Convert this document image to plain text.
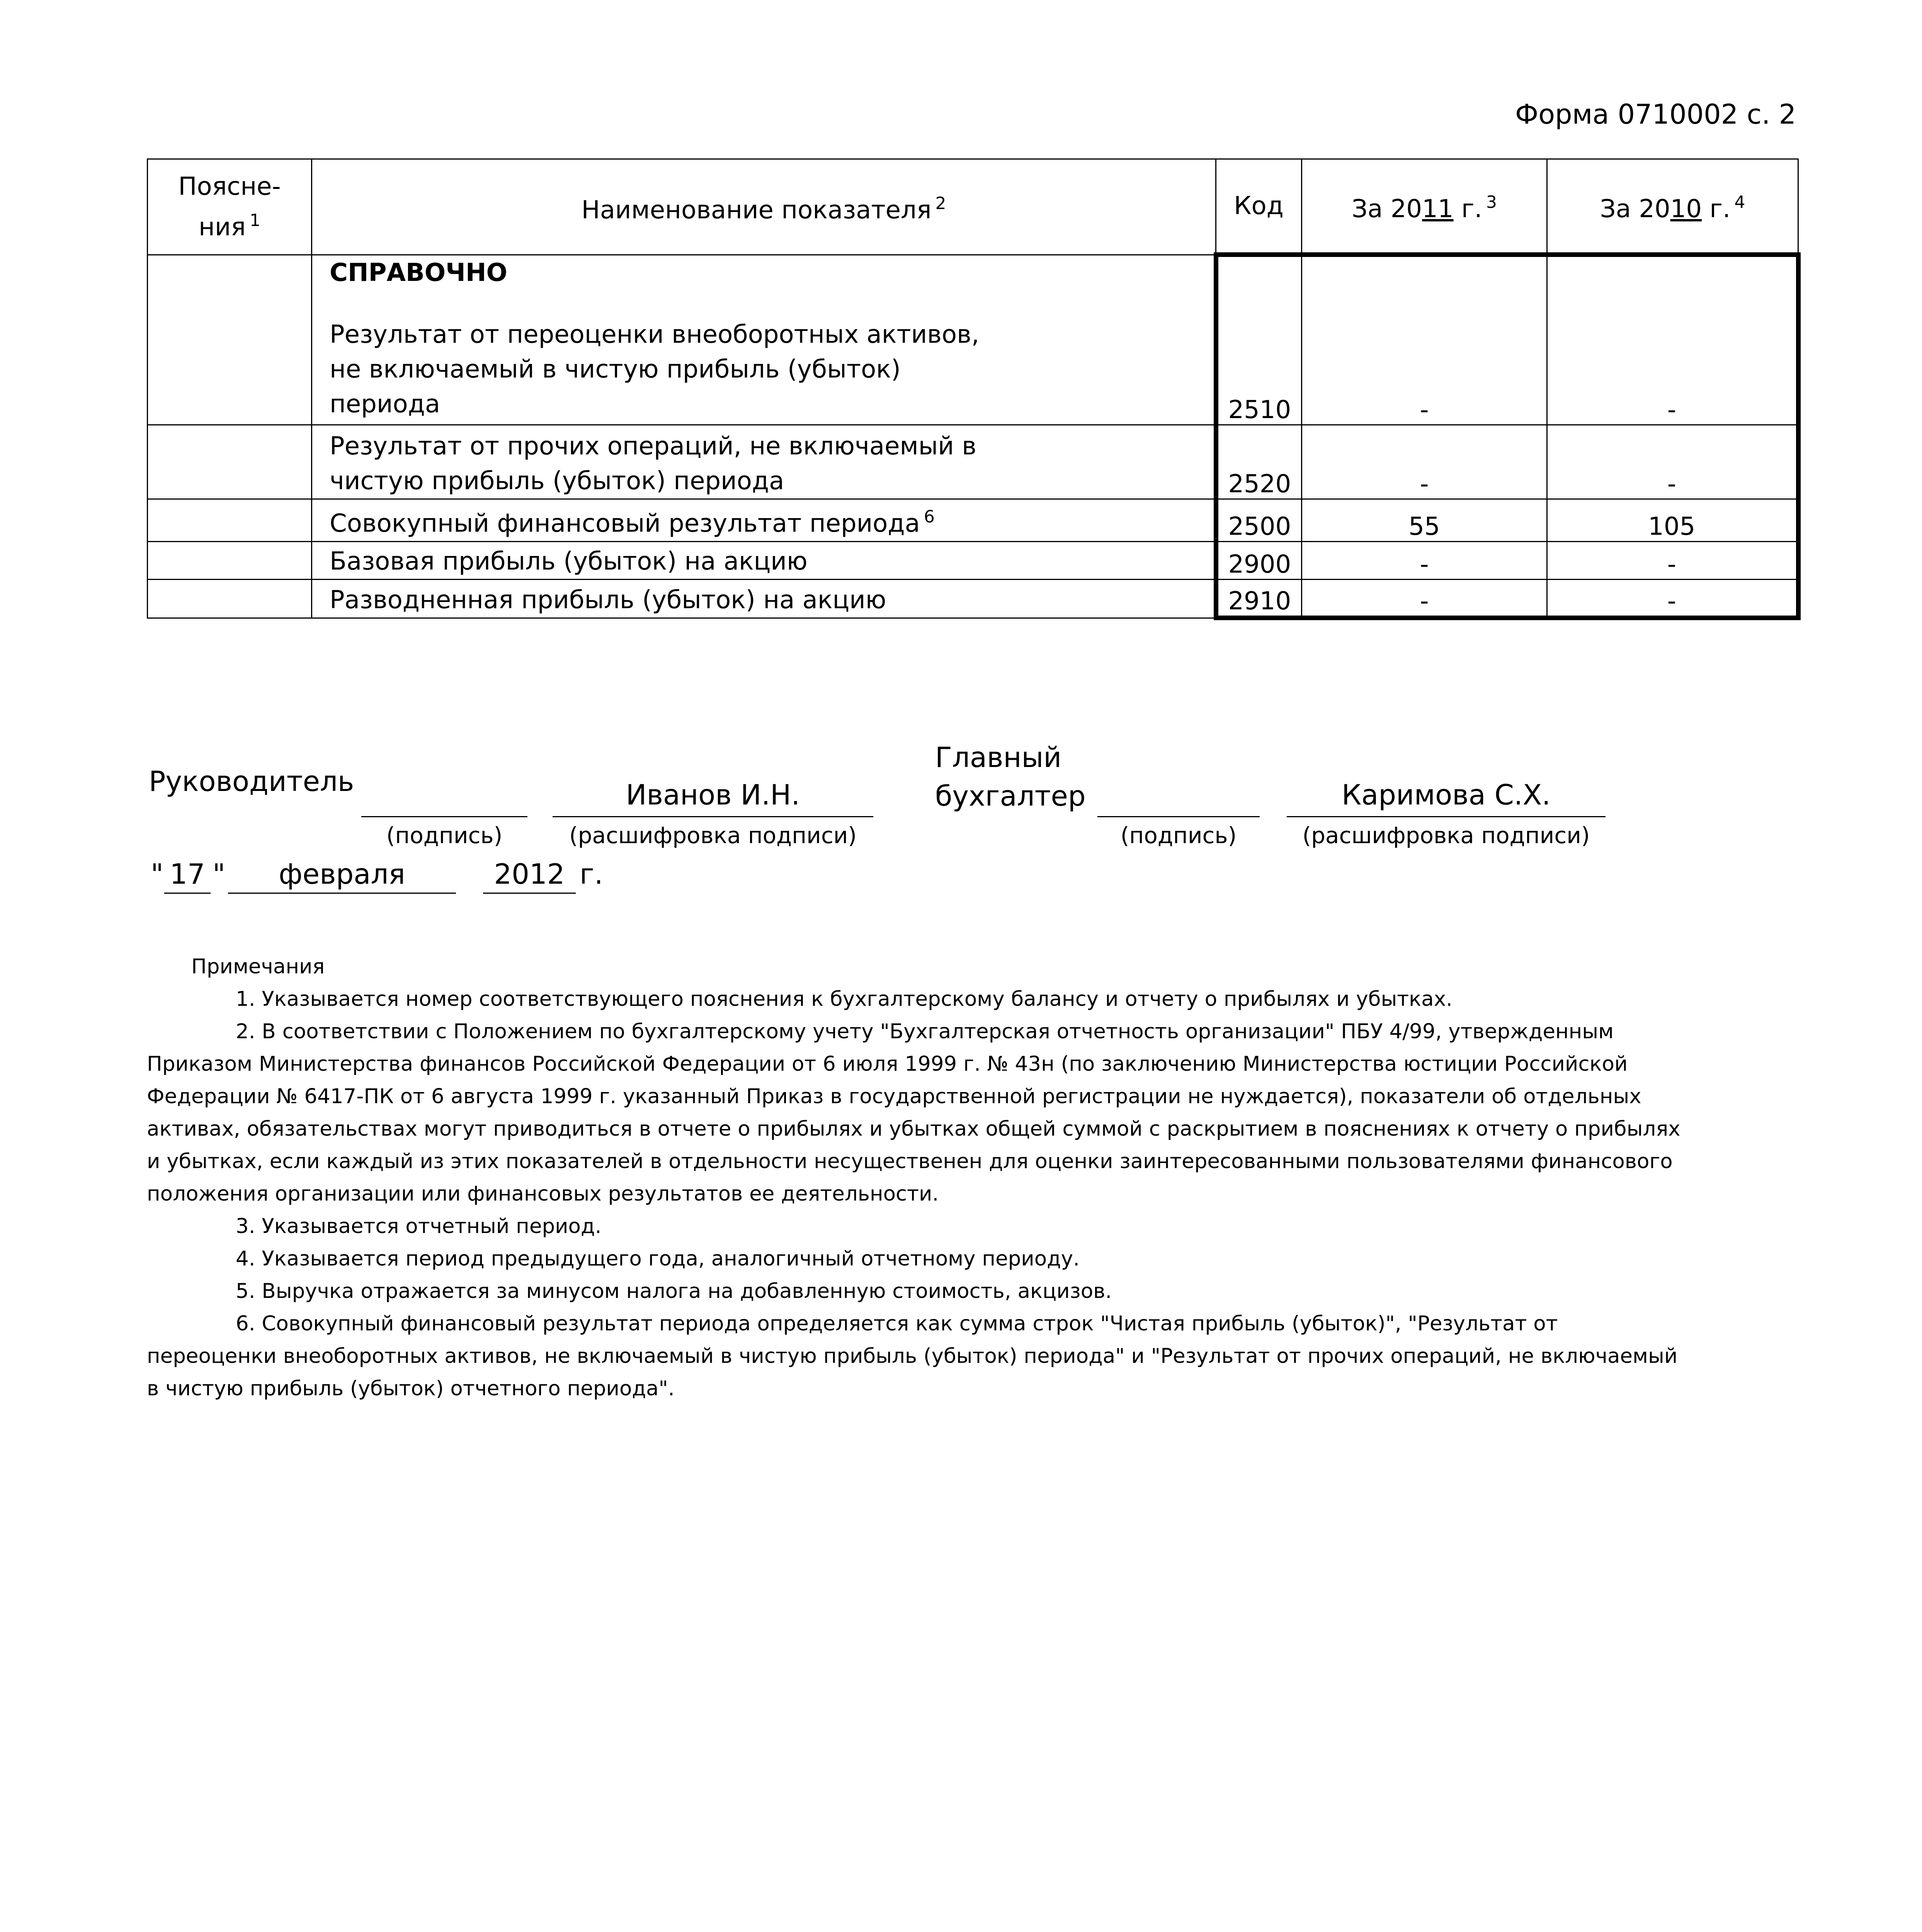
Форма 0710002 с. 2
Поясне-
ния $^1$	Наименование показателя $^2$	Код	За 2011 г. $^3$	За 2010 г. $^4$

	СПРАВОЧНО
Результат от переоценки внеоборотных активов,
не включаемый в чистую прибыль (убыток)
периода	2510	-	-

	Результат от прочих операций, не включаемый в
чистую прибыль (убыток) периода	2520	-	-
	Совокупный финансовый результат периода $^6$	2500	55	105
	Базовая прибыль (убыток) на акцию	2900	-	-
	Разводненная прибыль (убыток) на акцию	2910	-	-
Руководитель
(подпись)
Иванов И.Н.
(расшифровка подписи)
Главный
бухгалтер
(подпись)
Каримова С.Х.
(расшифровка подписи)
" 17 "	февраля	2012 г.

Примечания

1. Указывается номер соответствующего пояснения к бухгалтерскому балансу и отчету о прибылях и убытках.

2. В соответствии с Положением по бухгалтерскому учету "Бухгалтерская отчетность организации" ПБУ 4/99, утвержденным Приказом Министерства финансов Российской Федерации от 6 июля 1999 г. № 43н (по заключению Министерства юстиции Российской Федерации № 6417-ПК от 6 августа 1999 г. указанный Приказ в государственной регистрации не нуждается), показатели об отдельных активах, обязательствах могут приводиться в отчете о прибылях и убытках общей суммой с раскрытием в пояснениях к отчету о прибылях и убытках, если каждый из этих показателей в отдельности несущественен для оценки заинтересованными пользователями финансового положения организации или финансовых результатов ее деятельности.

3. Указывается отчетный период.

4. Указывается период предыдущего года, аналогичный отчетному периоду.

5. Выручка отражается за минусом налога на добавленную стоимость, акцизов.

6. Совокупный финансовый результат периода определяется как сумма строк "Чистая прибыль (убыток)", "Результат от переоценки внеоборотных активов, не включаемый в чистую прибыль (убыток) периода" и "Результат от прочих операций, не включаемый в чистую прибыль (убыток) отчетного периода".
